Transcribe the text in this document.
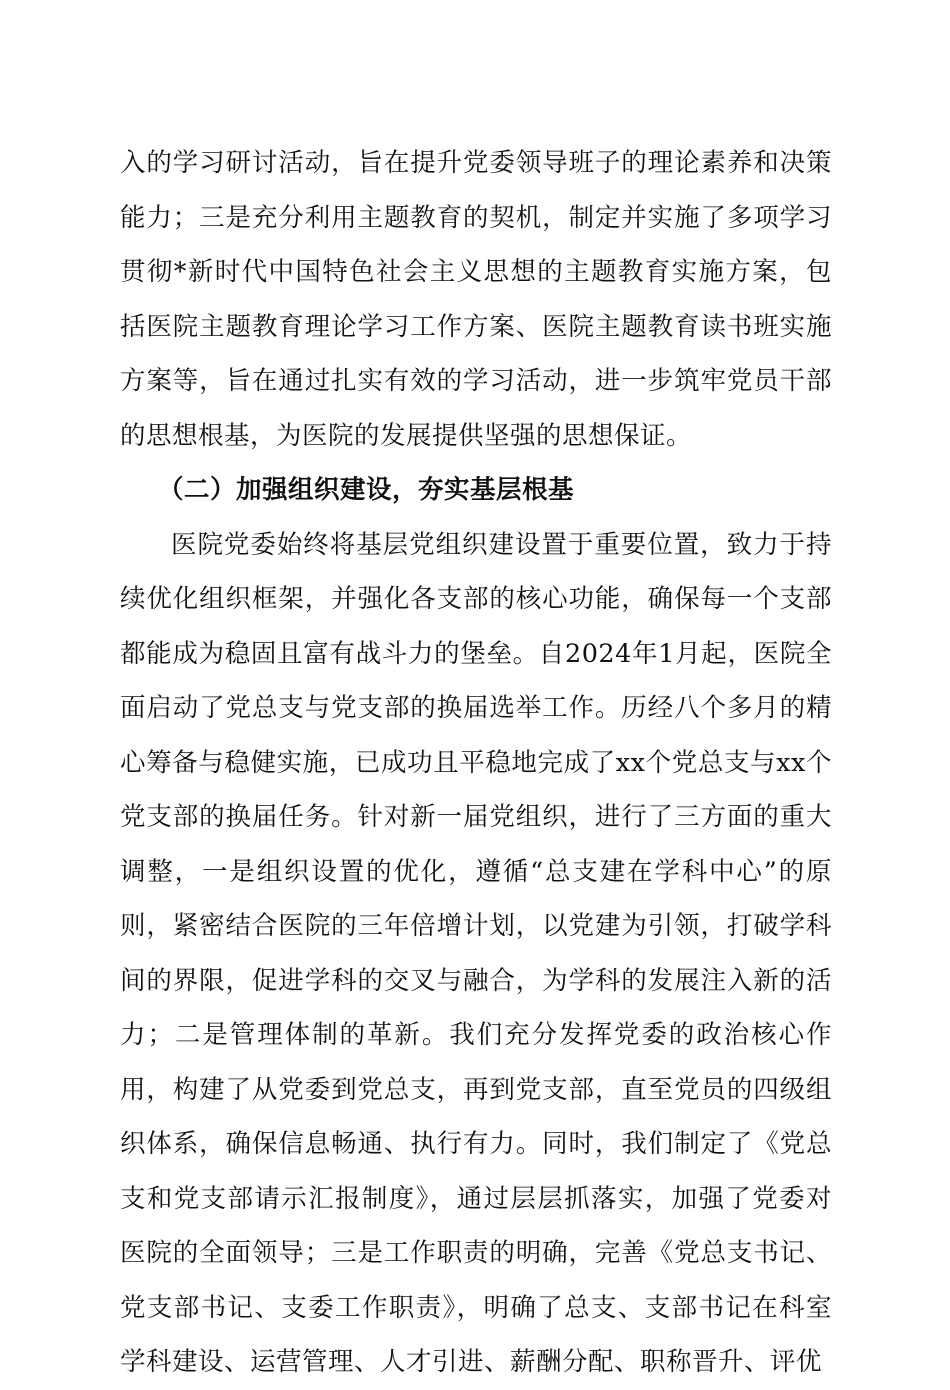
入的学习研讨活动，旨在提升党委领导班子的理论素养和决策能力；三是充分利用主题教育的契机，制定并实施了多项学习贯彻*新时代中国特色社会主义思想的主题教育实施方案，包括医院主题教育理论学习工作方案、医院主题教育读书班实施方案等，旨在通过扎实有效的学习活动，进一步筑牢党员干部的思想根基，为医院的发展提供坚强的思想保证。

（二）加强组织建设，夯实基层根基

医院党委始终将基层党组织建设置于重要位置，致力于持续优化组织框架，并强化各支部的核心功能，确保每一个支部都能成为稳固且富有战斗力的堡垒。自2024年1月起，医院全面启动了党总支与党支部的换届选举工作。历经八个多月的精心筹备与稳健实施，已成功且平稳地完成了xx个党总支与xx个党支部的换届任务。针对新一届党组织，进行了三方面的重大调整，一是组织设置的优化，遵循“总支建在学科中心”的原则，紧密结合医院的三年倍增计划，以党建为引领，打破学科间的界限，促进学科的交叉与融合，为学科的发展注入新的活力；二是管理体制的革新。我们充分发挥党委的政治核心作用，构建了从党委到党总支，再到党支部，直至党员的四级组织体系，确保信息畅通、执行有力。同时，我们制定了《党总支和党支部请示汇报制度》，通过层层抓落实，加强了党委对医院的全面领导；三是工作职责的明确，完善《党总支书记、党支部书记、支委工作职责》，明确了总支、支部书记在科室学科建设、运营管理、人才引进、薪酬分配、职称晋升、评优
